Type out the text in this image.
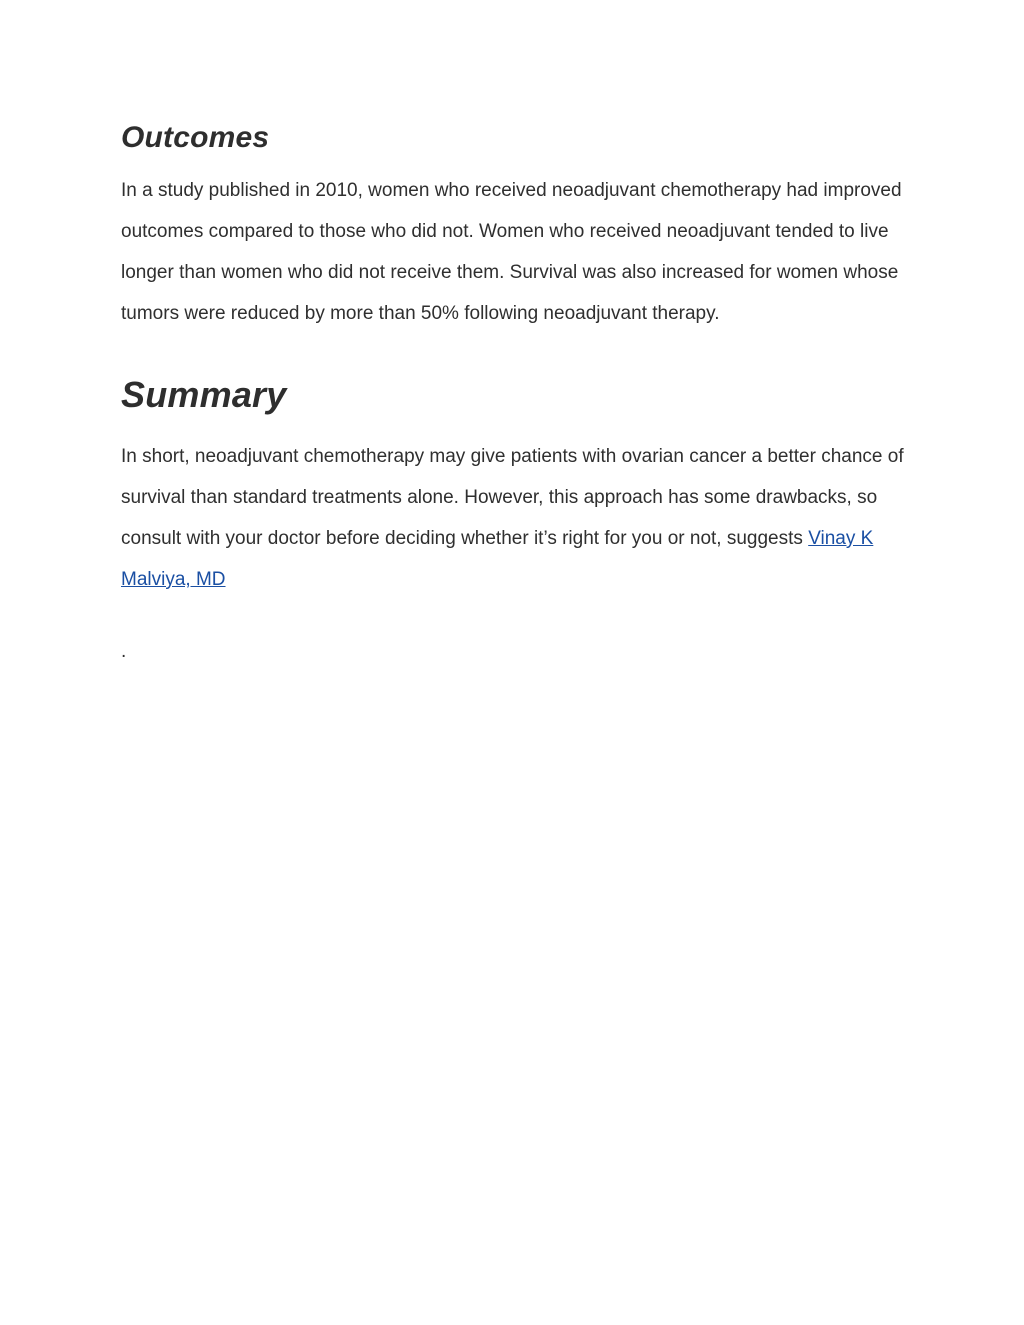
Outcomes

In a study published in 2010, women who received neoadjuvant chemotherapy had improved outcomes compared to those who did not. Women who received neoadjuvant tended to live longer than women who did not receive them. Survival was also increased for women whose tumors were reduced by more than 50% following neoadjuvant therapy.

Summary

In short, neoadjuvant chemotherapy may give patients with ovarian cancer a better chance of survival than standard treatments alone. However, this approach has some drawbacks, so consult with your doctor before deciding whether it’s right for you or not, suggests Vinay K Malviya, MD

.
